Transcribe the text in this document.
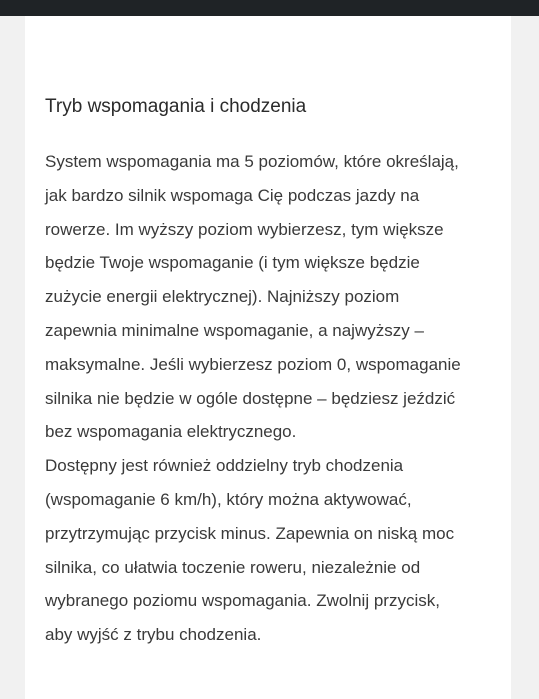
Tryb wspomagania i chodzenia

System wspomagania ma 5 poziomów, które określają,
jak bardzo silnik wspomaga Cię podczas jazdy na
rowerze. Im wyższy poziom wybierzesz, tym większe
będzie Twoje wspomaganie (i tym większe będzie
zużycie energii elektrycznej). Najniższy poziom
zapewnia minimalne wspomaganie, a najwyższy –
maksymalne. Jeśli wybierzesz poziom 0, wspomaganie
silnika nie będzie w ogóle dostępne – będziesz jeździć
bez wspomagania elektrycznego.
Dostępny jest również oddzielny tryb chodzenia
(wspomaganie 6 km/h), który można aktywować,
przytrzymując przycisk minus. Zapewnia on niską moc
silnika, co ułatwia toczenie roweru, niezależnie od
wybranego poziomu wspomagania. Zwolnij przycisk,
aby wyjść z trybu chodzenia.
